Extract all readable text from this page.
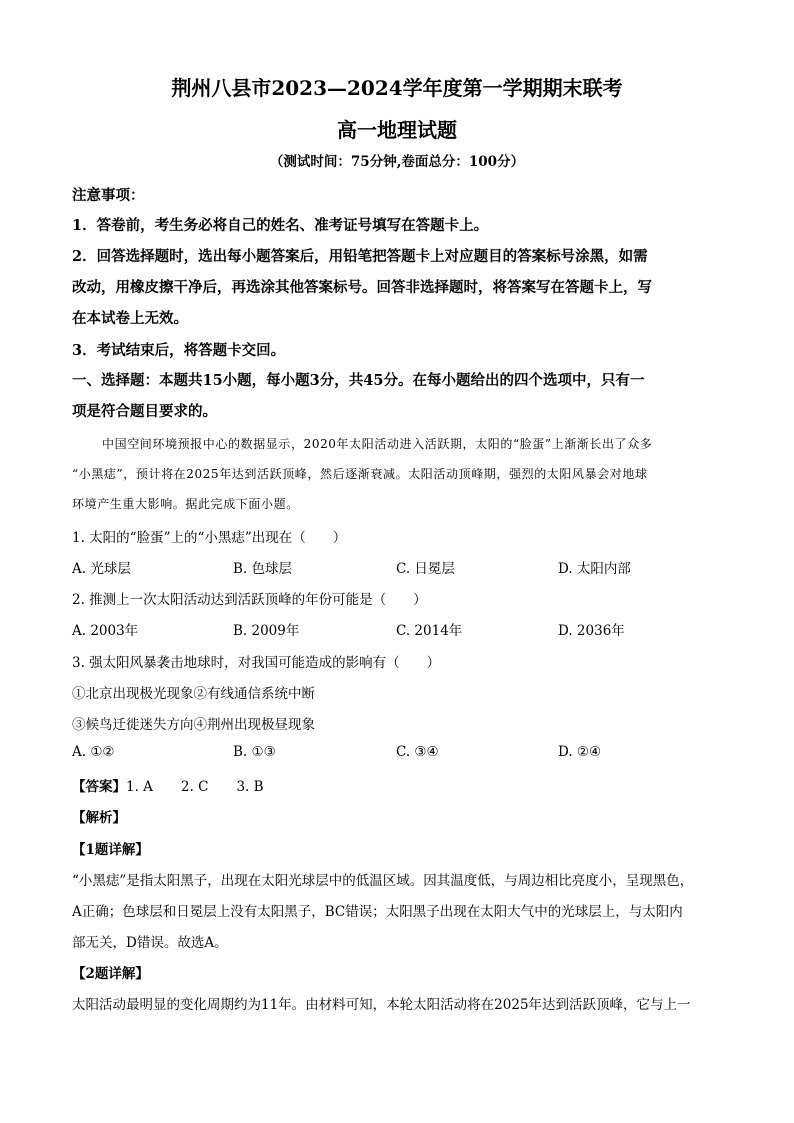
荆州八县市2023—2024学年度第一学期期末联考
高一地理试题
（测试时间：75分钟,卷面总分：100分）
注意事项：
1．答卷前，考生务必将自己的姓名、准考证号填写在答题卡上。
2．回答选择题时，选出每小题答案后，用铅笔把答题卡上对应题目的答案标号涂黑，如需
改动，用橡皮擦干净后，再选涂其他答案标号。回答非选择题时，将答案写在答题卡上，写
在本试卷上无效。
3．考试结束后，将答题卡交回。
一、选择题：本题共15小题，每小题3分，共45分。在每小题给出的四个选项中，只有一
项是符合题目要求的。
中国空间环境预报中心的数据显示，2020年太阳活动进入活跃期，太阳的“脸蛋”上渐渐长出了众多
“小黑痣”，预计将在2025年达到活跃顶峰，然后逐渐衰减。太阳活动顶峰期，强烈的太阳风暴会对地球
环境产生重大影响。据此完成下面小题。
1. 太阳的“脸蛋”上的“小黑痣”出现在（　　）
A. 光球层	B. 色球层	C. 日冕层	D. 太阳内部
2. 推测上一次太阳活动达到活跃顶峰的年份可能是（　　）
A. 2003年	B. 2009年	C. 2014年	D. 2036年
3. 强太阳风暴袭击地球时，对我国可能造成的影响有（　　）
①北京出现极光现象②有线通信系统中断
③候鸟迁徙迷失方向④荆州出现极昼现象
A. ①②	B. ①③	C. ③④	D. ②④
【答案】1. A 2. C 3. B
【解析】
【1题详解】
“小黑痣”是指太阳黑子，出现在太阳光球层中的低温区域。因其温度低，与周边相比亮度小，呈现黑色，
A正确；色球层和日冕层上没有太阳黑子，BC错误；太阳黑子出现在太阳大气中的光球层上，与太阳内
部无关，D错误。故选A。
【2题详解】
太阳活动最明显的变化周期约为11年。由材料可知，本轮太阳活动将在2025年达到活跃顶峰，它与上一
